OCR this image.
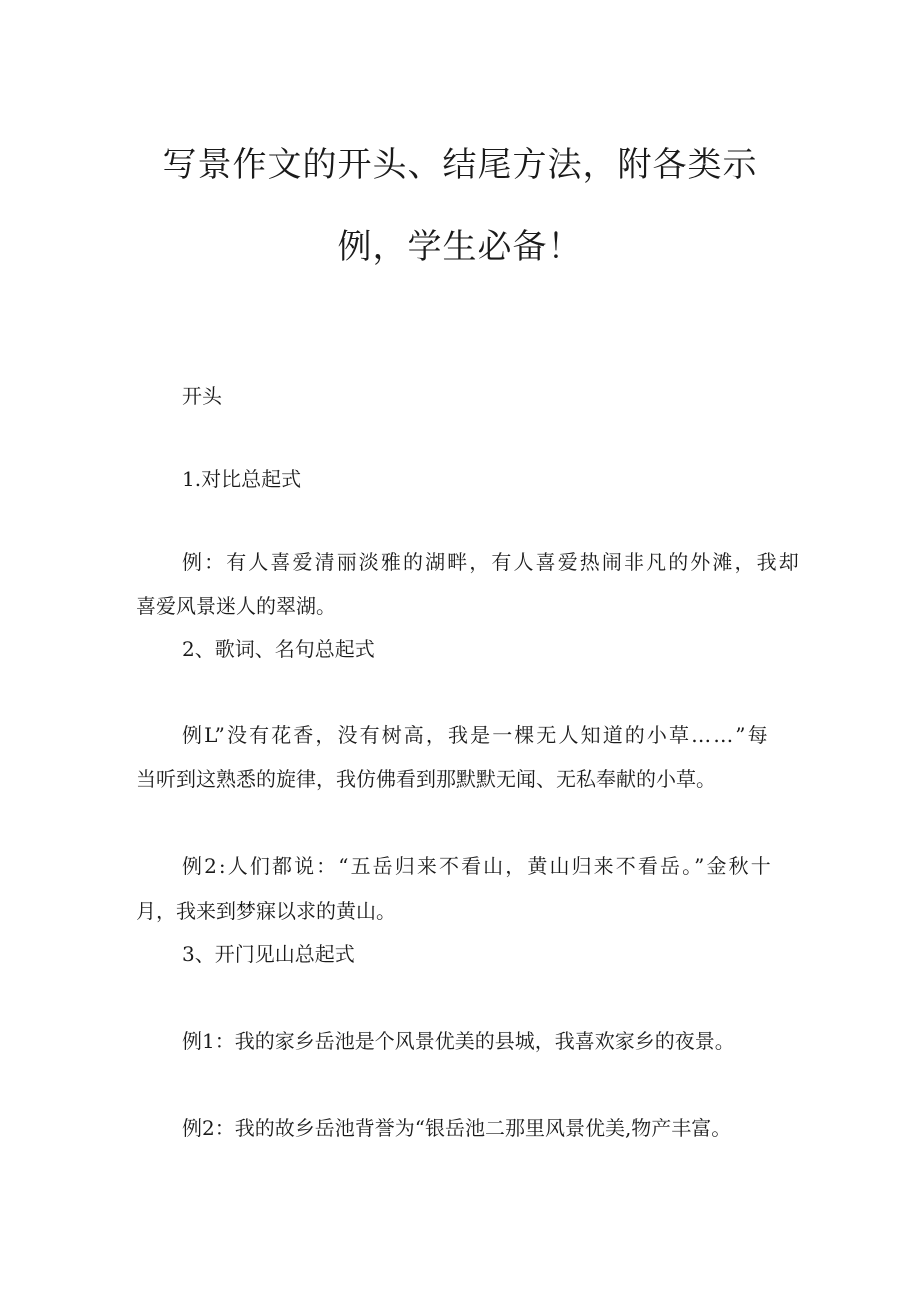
写景作文的开头、结尾方法，附各类示
例，学生必备！

开头

1.对比总起式

例：有人喜爱清丽淡雅的湖畔，有人喜爱热闹非凡的外滩，我却

喜爱风景迷人的翠湖。

2、歌词、名句总起式

例L”没有花香，没有树高，我是一棵无人知道的小草……”每

当听到这熟悉的旋律，我仿佛看到那默默无闻、无私奉献的小草。

例2:人们都说：“五岳归来不看山，黄山归来不看岳。”金秋十

月，我来到梦寐以求的黄山。

3、开门见山总起式

例1：我的家乡岳池是个风景优美的县城，我喜欢家乡的夜景。

例2：我的故乡岳池背誉为“银岳池二那里风景优美,物产丰富。
